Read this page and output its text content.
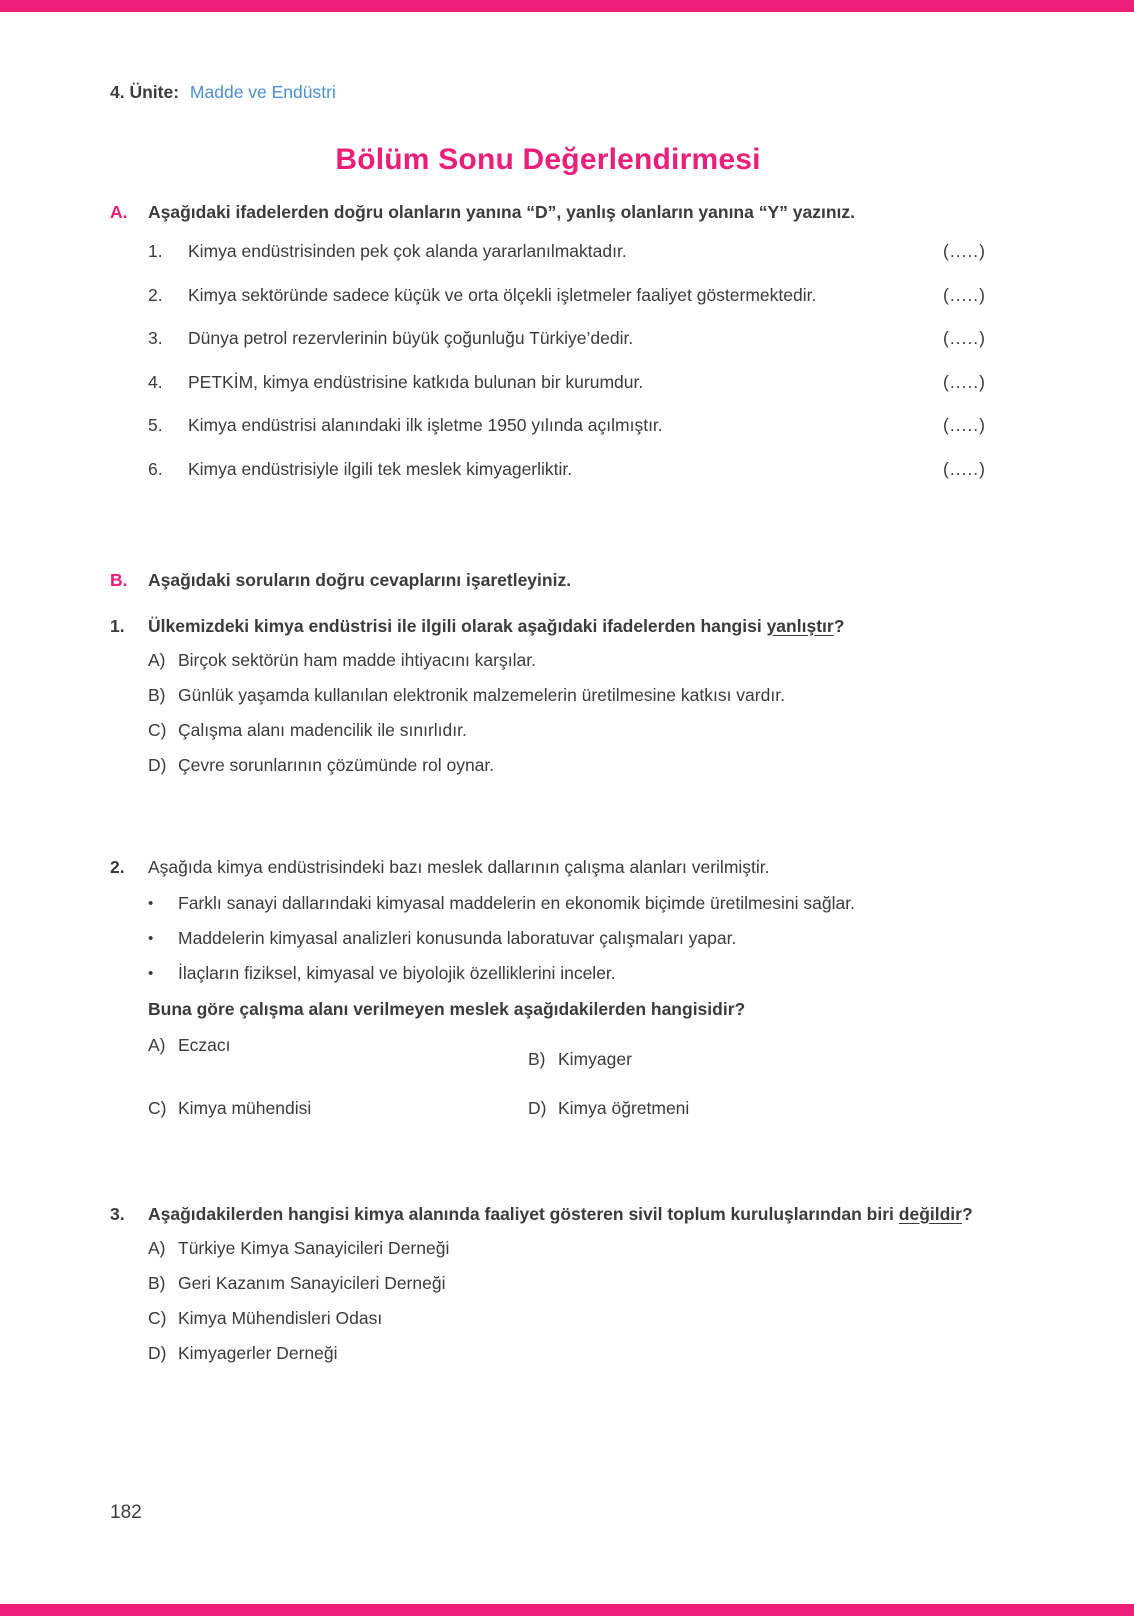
4. Ünite: Madde ve Endüstri
Bölüm Sonu Değerlendirmesi
A.	Aşağıdaki ifadelerden doğru olanların yanına “D”, yanlış olanların yanına “Y” yazınız.
1.	Kimya endüstrisinden pek çok alanda yararlanılmaktadır.	(.....)
2.	Kimya sektöründe sadece küçük ve orta ölçekli işletmeler faaliyet göstermektedir.	(.....)
3.	Dünya petrol rezervlerinin büyük çoğunluğu Türkiye’dedir.	(.....)
4.	PETKİM, kimya endüstrisine katkıda bulunan bir kurumdur.	(.....)
5.	Kimya endüstrisi alanındaki ilk işletme 1950 yılında açılmıştır.	(.....)
6.	Kimya endüstrisiyle ilgili tek meslek kimyagerliktir.	(.....)
B.	Aşağıdaki soruların doğru cevaplarını işaretleyiniz.
1.	Ülkemizdeki kimya endüstrisi ile ilgili olarak aşağıdaki ifadelerden hangisi yanlıştır?
A) Birçok sektörün ham madde ihtiyacını karşılar.
B) Günlük yaşamda kullanılan elektronik malzemelerin üretilmesine katkısı vardır.
C) Çalışma alanı madencilik ile sınırlıdır.
D) Çevre sorunlarının çözümünde rol oynar.
2.	Aşağıda kimya endüstrisindeki bazı meslek dallarının çalışma alanları verilmiştir.
•	Farklı sanayi dallarındaki kimyasal maddelerin en ekonomik biçimde üretilmesini sağlar.
•	Maddelerin kimyasal analizleri konusunda laboratuvar çalışmaları yapar.
•	İlaçların fiziksel, kimyasal ve biyolojik özelliklerini inceler.
Buna göre çalışma alanı verilmeyen meslek aşağıdakilerden hangisidir?
A) Eczacı
B) Kimyager
C) Kimya mühendisi	D) Kimya öğretmeni
3.	Aşağıdakilerden hangisi kimya alanında faaliyet gösteren sivil toplum kuruluşlarından biri değildir?
A) Türkiye Kimya Sanayicileri Derneği
B) Geri Kazanım Sanayicileri Derneği
C) Kimya Mühendisleri Odası
D) Kimyagerler Derneği
182
